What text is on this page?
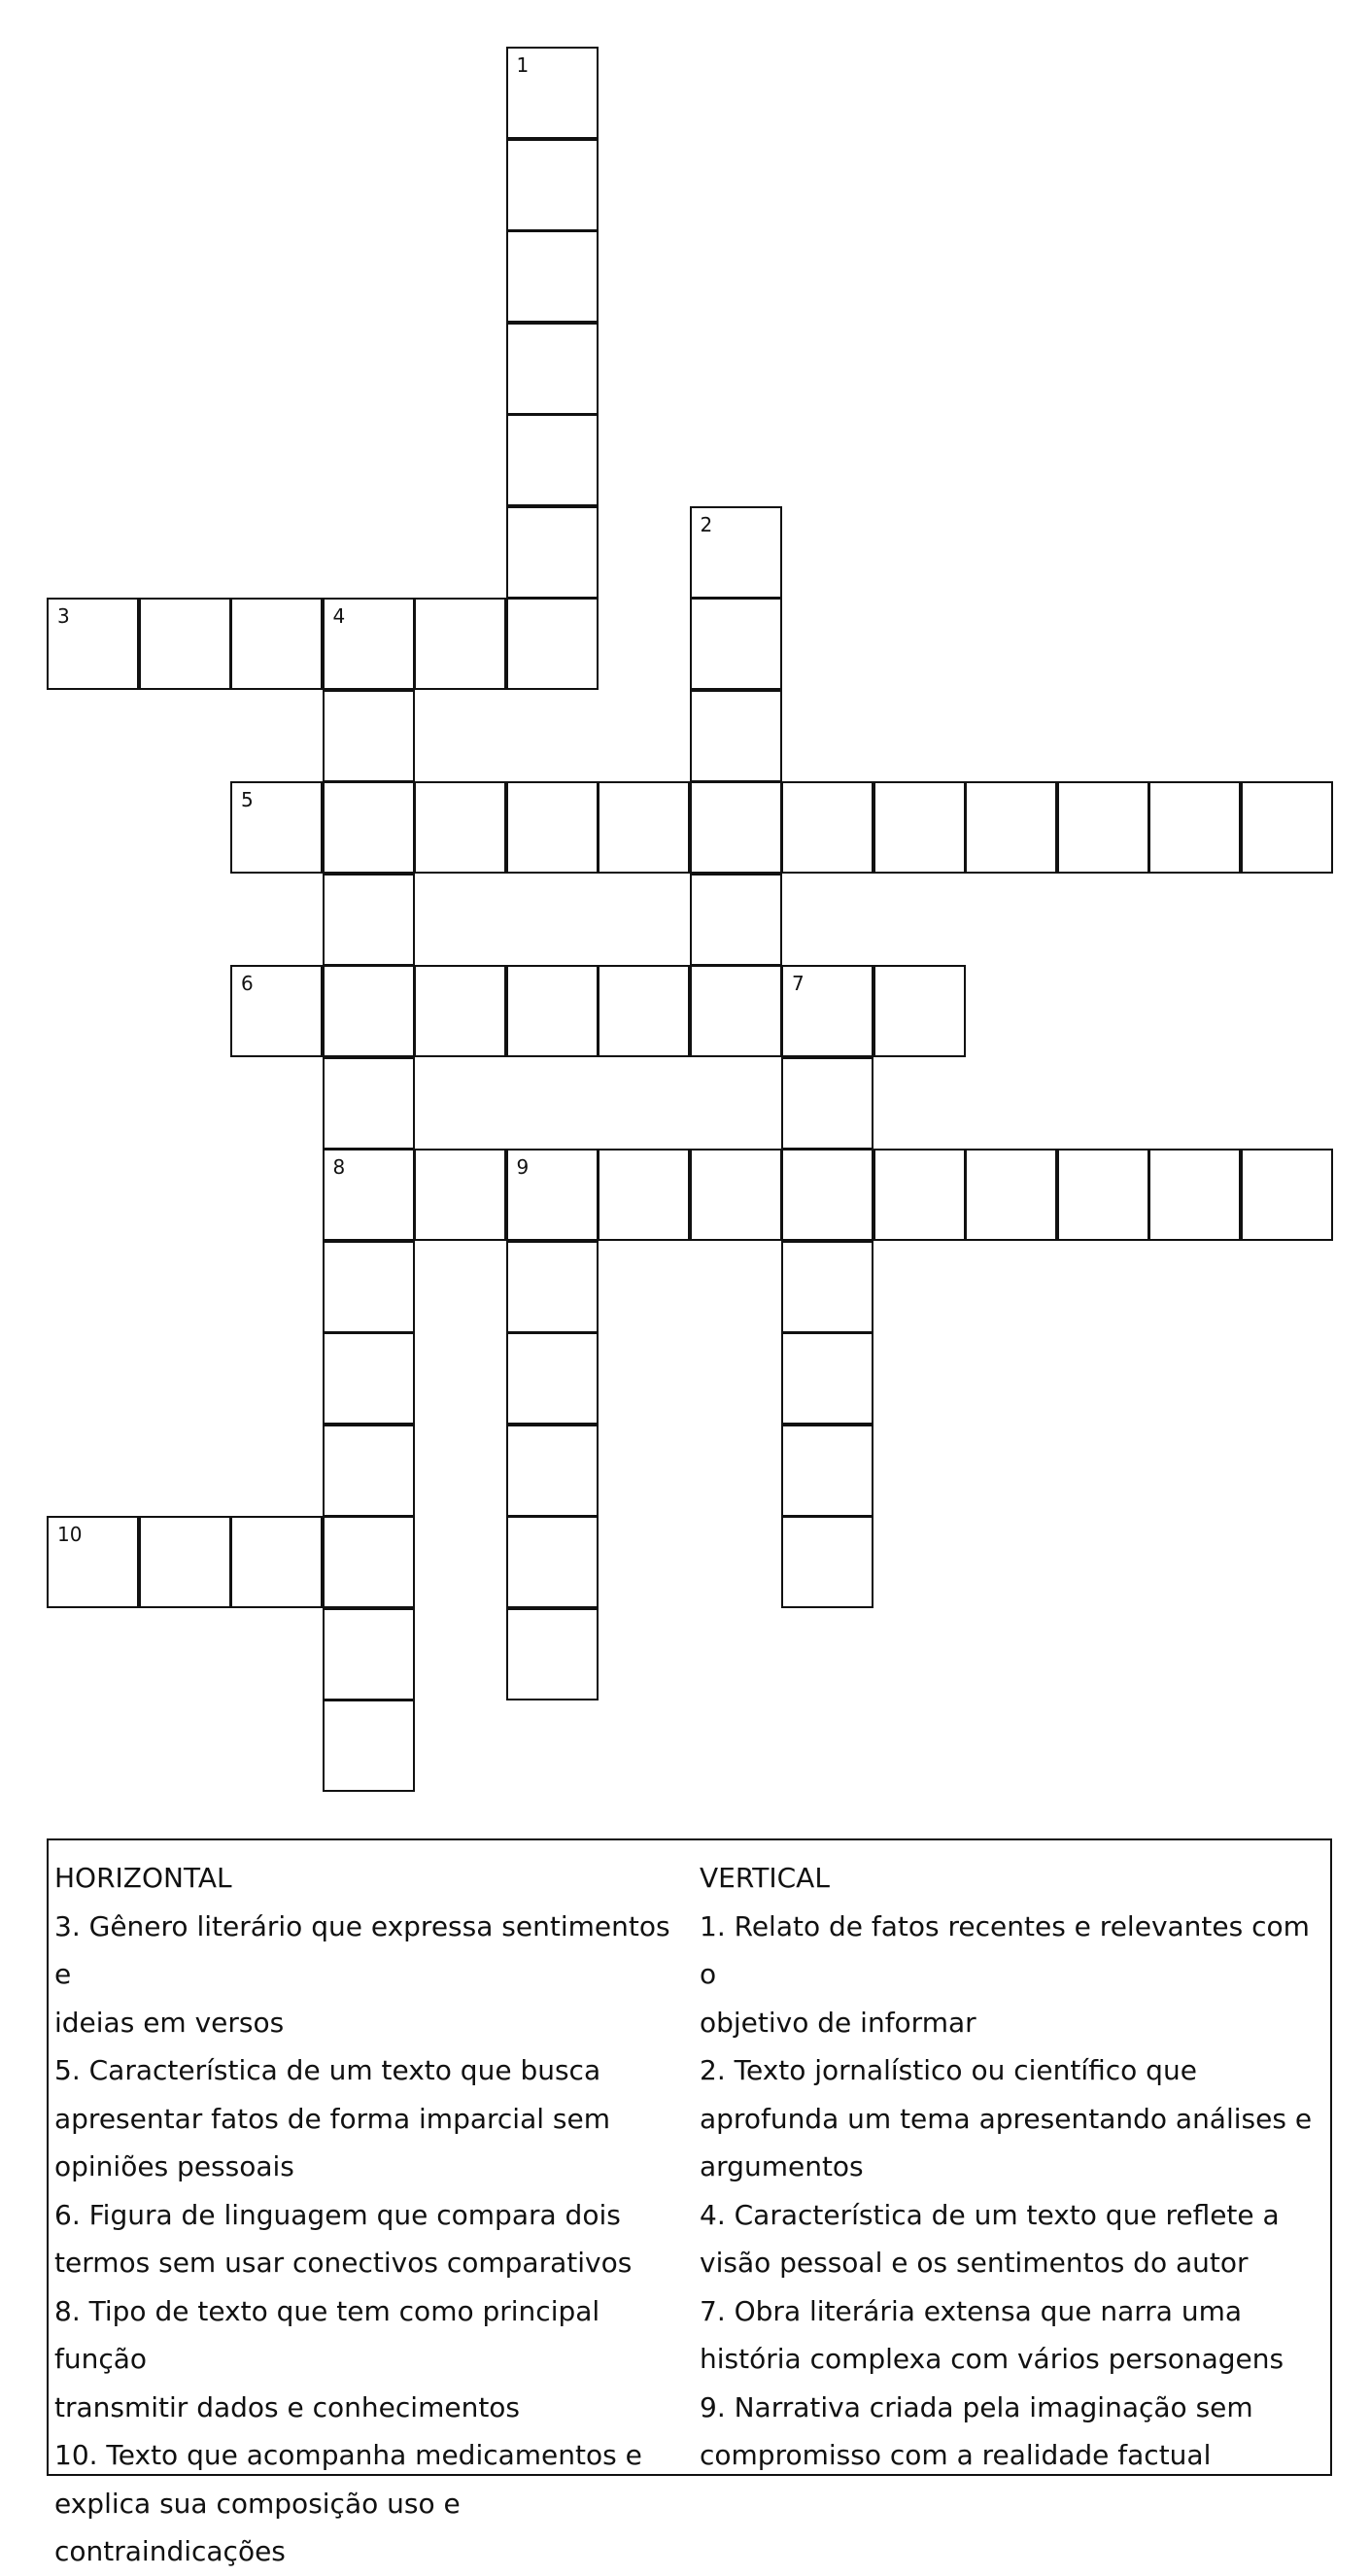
1
2
3	4
5
6	7
8	9
10
HORIZONTAL
3. Gênero literário que expressa sentimentos e
ideias em versos
5. Característica de um texto que busca
apresentar fatos de forma imparcial sem
opiniões pessoais
6. Figura de linguagem que compara dois
termos sem usar conectivos comparativos
8. Tipo de texto que tem como principal função
transmitir dados e conhecimentos
10. Texto que acompanha medicamentos e
explica sua composição uso e contraindicações
VERTICAL
1. Relato de fatos recentes e relevantes com o
objetivo de informar
2. Texto jornalístico ou científico que
aprofunda um tema apresentando análises e
argumentos
4. Característica de um texto que reflete a
visão pessoal e os sentimentos do autor
7. Obra literária extensa que narra uma
história complexa com vários personagens
9. Narrativa criada pela imaginação sem
compromisso com a realidade factual
